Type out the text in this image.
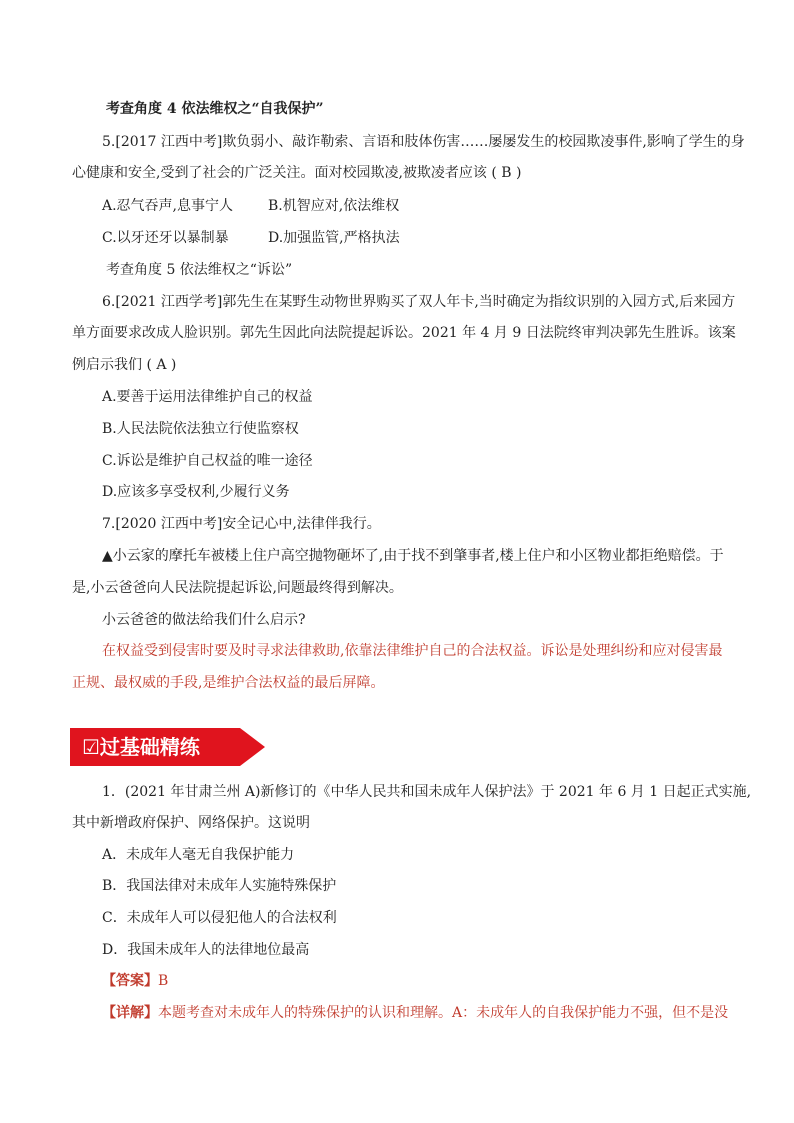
考查角度 4 依法维权之“自我保护”
5.[2017 江西中考]欺负弱小、敲诈勒索、言语和肢体伤害……屡屡发生的校园欺凌事件,影响了学生的身
心健康和安全,受到了社会的广泛关注。面对校园欺凌,被欺凌者应该 ( B )
A.忍气吞声,息事宁人 B.机智应对,依法维权
C.以牙还牙以暴制暴	D.加强监管,严格执法
考查角度 5 依法维权之“诉讼”
6.[2021 江西学考]郭先生在某野生动物世界购买了双人年卡,当时确定为指纹识别的入园方式,后来园方
单方面要求改成人脸识别。郭先生因此向法院提起诉讼。2021 年 4 月 9 日法院终审判决郭先生胜诉。该案
例启示我们 ( A )
A.要善于运用法律维护自己的权益
B.人民法院依法独立行使监察权
C.诉讼是维护自己权益的唯一途径
D.应该多享受权利,少履行义务
7.[2020 江西中考]安全记心中,法律伴我行。
▲小云家的摩托车被楼上住户高空抛物砸坏了,由于找不到肇事者,楼上住户和小区物业都拒绝赔偿。于
是,小云爸爸向人民法院提起诉讼,问题最终得到解决。
小云爸爸的做法给我们什么启示?
在权益受到侵害时要及时寻求法律救助,依靠法律维护自己的合法权益。诉讼是处理纠纷和应对侵害最
正规、最权威的手段,是维护合法权益的最后屏障。
☑过基础精练
1．(2021 年甘肃兰州 A)新修订的《中华人民共和国未成年人保护法》于 2021 年 6 月 1 日起正式实施,
其中新增政府保护、网络保护。这说明
A．未成年人毫无自我保护能力
B．我国法律对未成年人实施特殊保护
C．未成年人可以侵犯他人的合法权利
D．我国未成年人的法律地位最高
【答案】B
【详解】本题考查对未成年人的特殊保护的认识和理解。A：未成年人的自我保护能力不强，但不是没
